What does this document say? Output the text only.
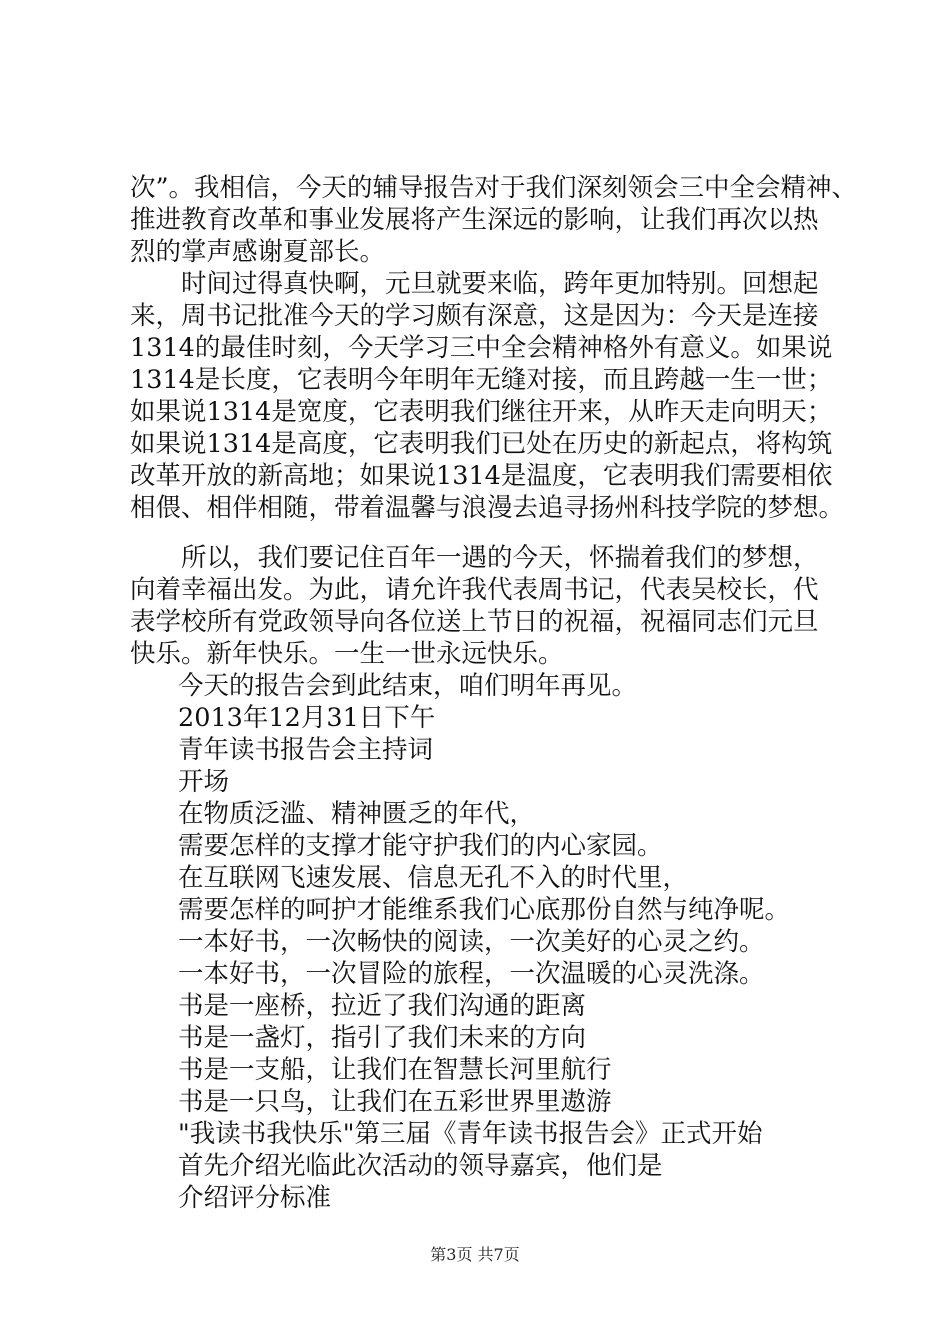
次”。我相信，今天的辅导报告对于我们深刻领会三中全会精神、
推进教育改革和事业发展将产生深远的影响，让我们再次以热
烈的掌声感谢夏部长。
　　时间过得真快啊，元旦就要来临，跨年更加特别。回想起
来，周书记批准今天的学习颇有深意，这是因为：今天是连接
1314的最佳时刻，今天学习三中全会精神格外有意义。如果说
1314是长度，它表明今年明年无缝对接，而且跨越一生一世；
如果说1314是宽度，它表明我们继往开来，从昨天走向明天；
如果说1314是高度，它表明我们已处在历史的新起点，将构筑
改革开放的新高地；如果说1314是温度，它表明我们需要相依
相偎、相伴相随，带着温馨与浪漫去追寻扬州科技学院的梦想。
　　所以，我们要记住百年一遇的今天，怀揣着我们的梦想，
向着幸福出发。为此，请允许我代表周书记，代表吴校长，代
表学校所有党政领导向各位送上节日的祝福，祝福同志们元旦
快乐。新年快乐。一生一世永远快乐。
今天的报告会到此结束，咱们明年再见。
2013年12月31日下午
青年读书报告会主持词
开场
在物质泛滥、精神匮乏的年代，
需要怎样的支撑才能守护我们的内心家园。
在互联网飞速发展、信息无孔不入的时代里，
需要怎样的呵护才能维系我们心底那份自然与纯净呢。
一本好书，一次畅快的阅读，一次美好的心灵之约。
一本好书，一次冒险的旅程，一次温暖的心灵洗涤。
书是一座桥，拉近了我们沟通的距离
书是一盏灯，指引了我们未来的方向
书是一支船，让我们在智慧长河里航行
书是一只鸟，让我们在五彩世界里遨游
"我读书我快乐"第三届《青年读书报告会》正式开始
首先介绍光临此次活动的领导嘉宾，他们是
介绍评分标准
第3页 共7页
